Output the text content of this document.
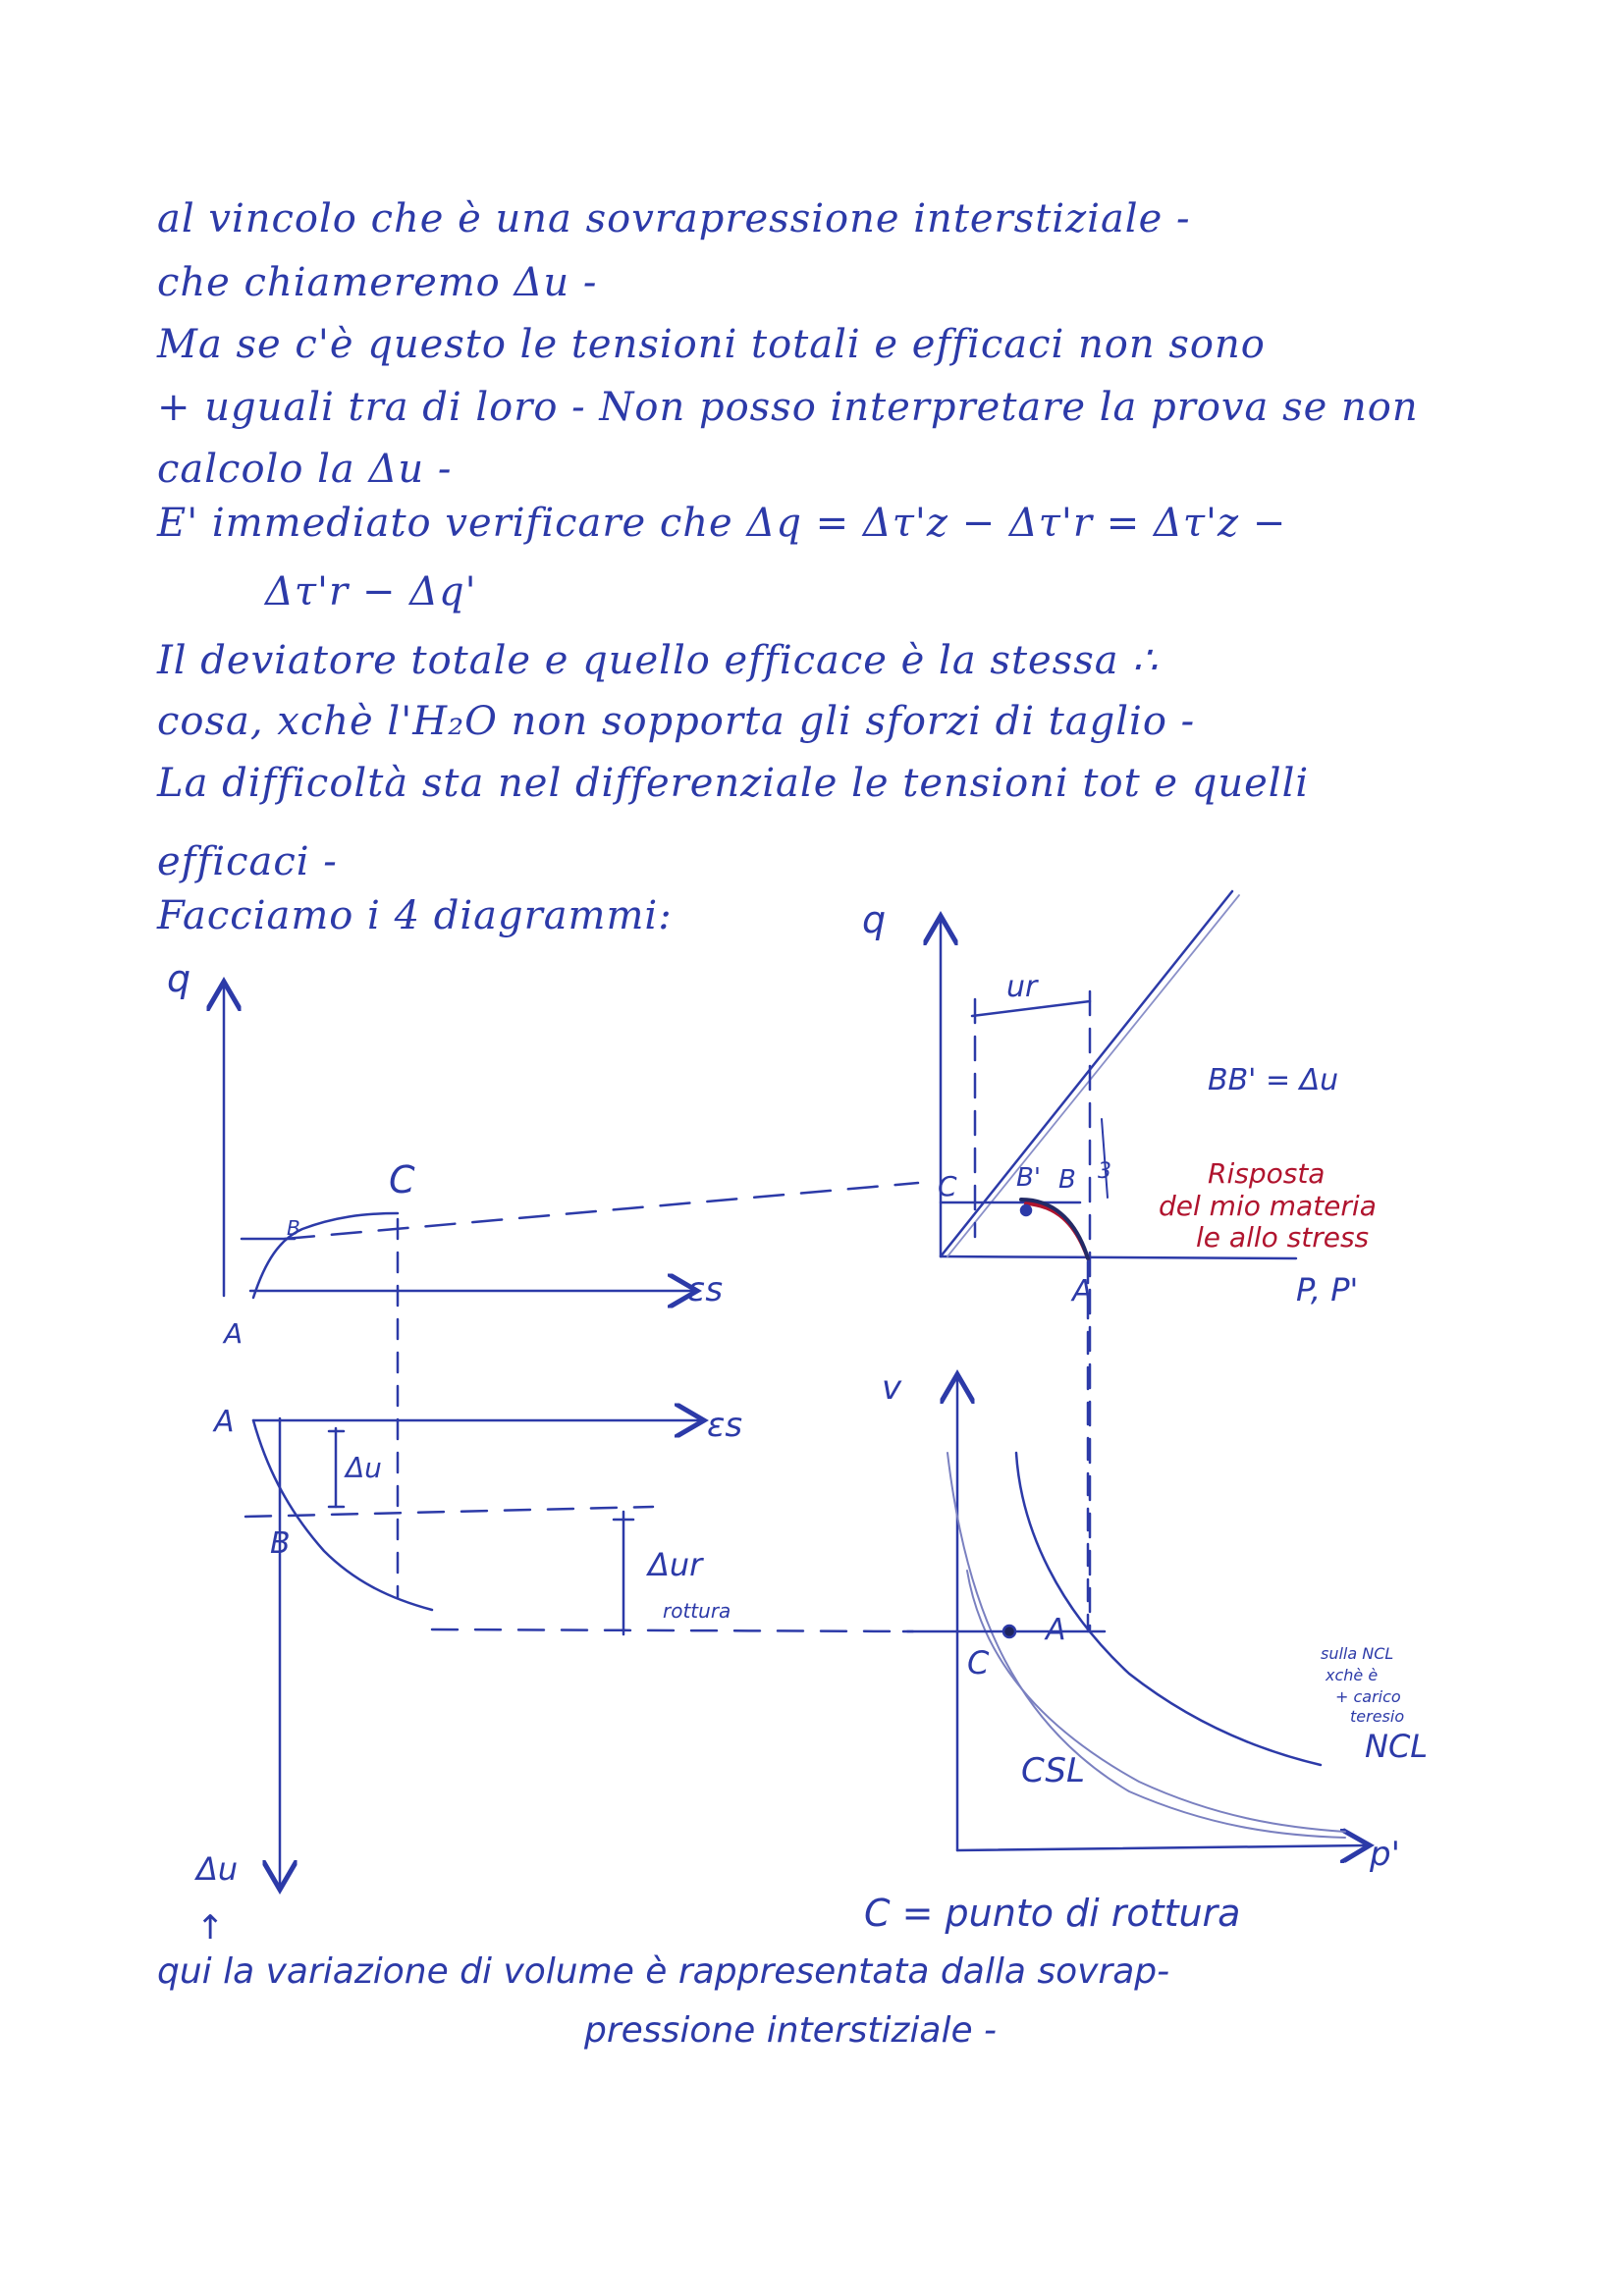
al vincolo che è una sovrapressione interstiziale -
che chiameremo Δu -
Ma se c'è questo le tensioni totali e efficaci non sono
+ uguali tra di loro - Non posso interpretare la prova se non
calcolo la Δu -
E' immediato verificare che Δq = Δτ'z − Δτ'r = Δτ'z −
Δτ'r − Δq'
Il deviatore totale e quello efficace è la stessa ∴
cosa, xchè l'H₂O non sopporta gli sforzi di taglio -
La difficoltà sta nel differenziale le tensioni tot e quelli
efficaci -
Facciamo i 4 diagrammi:
q
εs
A
B
C
A	εs
Δu
B
Δur
rottura
Δu
q
ur
BB' = Δu
C B' B 3
A
Risposta
del mio materia
le allo stress
P, P'
v
C
A
CSL
NCL
sulla NCL
xchè è
+ carico
teresio
p'
C = punto di rottura
↑
qui la variazione di volume è rappresentata dalla sovrap-
pressione interstiziale -
